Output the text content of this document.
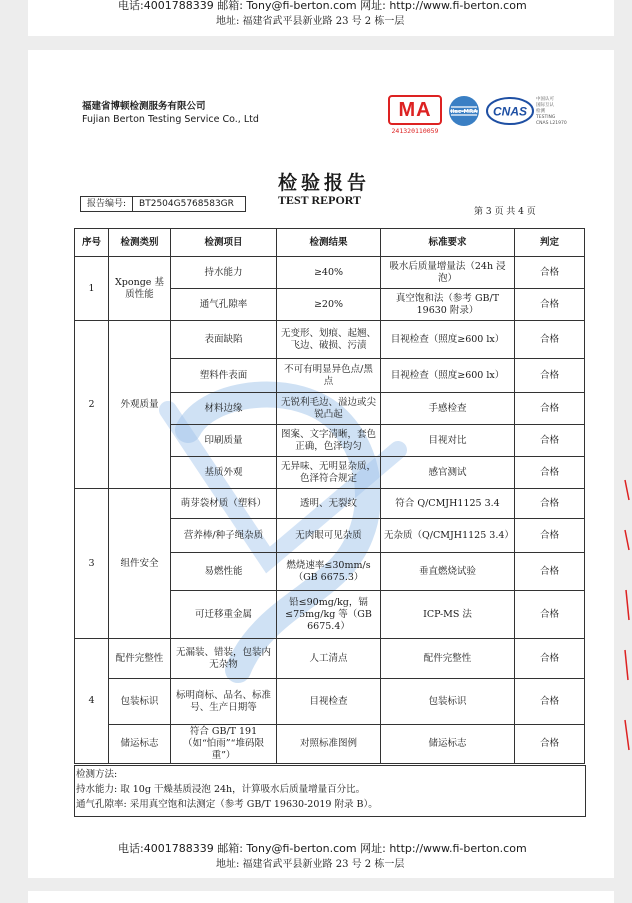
电话:4001788339 邮箱: Tony@fi-berton.com 网址: http://www.fi-berton.com
地址: 福建省武平县新业路 23 号 2 栋一层
福建省博顿检测服务有限公司
Fujian Berton Testing Service Co., Ltd	MA
241320110059
ilac-MRA CNAS
中国认可
国际互认
检测
TESTING
CNAS L21970
检验报告
TEST REPORT
报告编号:	BT2504G5768583GR
第 3 页 共 4 页
序号	检测类别	检测项目	检测结果	标准要求	判定
1	Xponge 基质性能	持水能力	≥40%	吸水后质量增量法（24h 浸泡）	合格
		通气孔隙率	≥20%	真空饱和法（参考 GB/T 19630 附录）	合格
2	外观质量	表面缺陷	无变形、划痕、起翘、飞边、破损、污渍	目视检查（照度≥600 lx）	合格
		塑料件表面	不可有明显异色点/黑点	目视检查（照度≥600 lx）	合格
		材料边缘	无锐利毛边、溢边或尖锐凸起	手感检查	合格
		印刷质量	图案、文字清晰，套色正确，色泽均匀	目视对比	合格
		基质外观	无异味、无明显杂质，色泽符合规定	感官测试	合格
3	组件安全	萌芽袋材质（塑料）	透明、无裂纹	符合 Q/CMJH1125 3.4	合格
		营养棒/种子绳杂质	无肉眼可见杂质	无杂质（Q/CMJH1125 3.4）	合格
		易燃性能	燃烧速率≤30mm/s（GB 6675.3）	垂直燃烧试验	合格
		可迁移重金属	铅≤90mg/kg，镉≤75mg/kg 等（GB 6675.4）	ICP-MS 法	合格
4	配件完整性	无漏装、错装，包装内无杂物	人工清点	配件完整性	合格
	包装标识	标明商标、品名、标准号、生产日期等	目视检查	包装标识	合格
	储运标志	符合 GB/T 191（如“怕雨”“堆码限重”）	对照标准图例	储运标志	合格
检测方法:
持水能力: 取 10g 干燥基质浸泡 24h，计算吸水后质量增量百分比。
通气孔隙率: 采用真空饱和法测定（参考 GB/T 19630-2019 附录 B）。
电话:4001788339 邮箱: Tony@fi-berton.com 网址: http://www.fi-berton.com
地址: 福建省武平县新业路 23 号 2 栋一层
